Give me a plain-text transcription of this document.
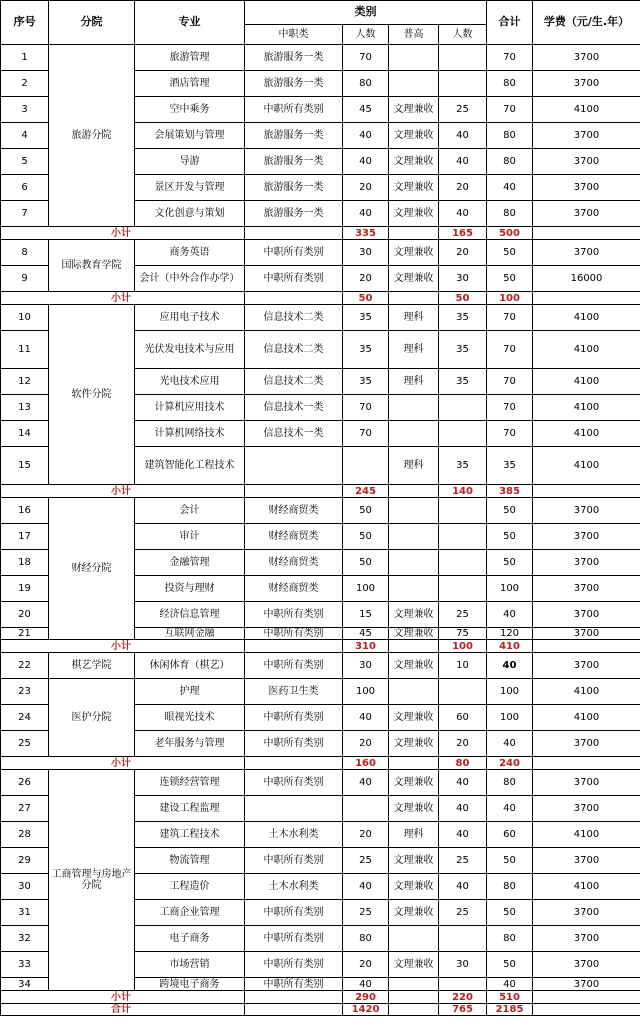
序号	分院	专业	类别				合计	学费（元/生.年）
			中职类	人数	普高	人数		
1	旅游分院	旅游管理	旅游服务一类	70			70	3700
2		酒店管理	旅游服务一类	80			80	3700
3		空中乘务	中职所有类别	45	文理兼收	25	70	4100
4		会展策划与管理	旅游服务一类	40	文理兼收	40	80	3700
5		导游	旅游服务一类	40	文理兼收	40	80	3700
6		景区开发与管理	旅游服务一类	20	文理兼收	20	40	3700
7		文化创意与策划	旅游服务一类	40	文理兼收	40	80	3700
小计				335		165	500	
8	国际教育学院	商务英语	中职所有类别	30	文理兼收	20	50	3700
9		会计（中外合作办学）	中职所有类别	20	文理兼收	30	50	16000
小计				50		50	100	
10	软件分院	应用电子技术	信息技术二类	35	理科	35	70	4100
11		光伏发电技术与应用	信息技术二类	35	理科	35	70	4100
12		光电技术应用	信息技术二类	35	理科	35	70	4100
13		计算机应用技术	信息技术一类	70			70	4100
14		计算机网络技术	信息技术一类	70			70	4100
15		建筑智能化工程技术			理科	35	35	4100
小计				245		140	385	
16	财经分院	会计	财经商贸类	50			50	3700
17		审计	财经商贸类	50			50	3700
18		金融管理	财经商贸类	50			50	3700
19		投资与理财	财经商贸类	100			100	3700
20		经济信息管理	中职所有类别	15	文理兼收	25	40	3700
21		互联网金融	中职所有类别	45	文理兼收	75	120	3700
小计				310		100	410	
22	棋艺学院	休闲体育（棋艺）	中职所有类别	30	文理兼收	10	40	3700
23	医护分院	护理	医药卫生类	100			100	4100
24		眼视光技术	中职所有类别	40	文理兼收	60	100	4100
25		老年服务与管理	中职所有类别	20	文理兼收	20	40	3700
小计				160		80	240	
26	工商管理与房地产分院	连锁经营管理	中职所有类别	40	文理兼收	40	80	3700
27		建设工程监理			文理兼收	40	40	3700
28		建筑工程技术	土木水利类	20	理科	40	60	4100
29		物流管理	中职所有类别	25	文理兼收	25	50	3700
30		工程造价	土木水利类	40	文理兼收	40	80	4100
31		工商企业管理	中职所有类别	25	文理兼收	25	50	3700
32		电子商务	中职所有类别	80			80	3700
33		市场营销	中职所有类别	20	文理兼收	30	50	3700
34		跨境电子商务	中职所有类别	40			40	3700
小计				290		220	510	
合计				1420		765	2185	
